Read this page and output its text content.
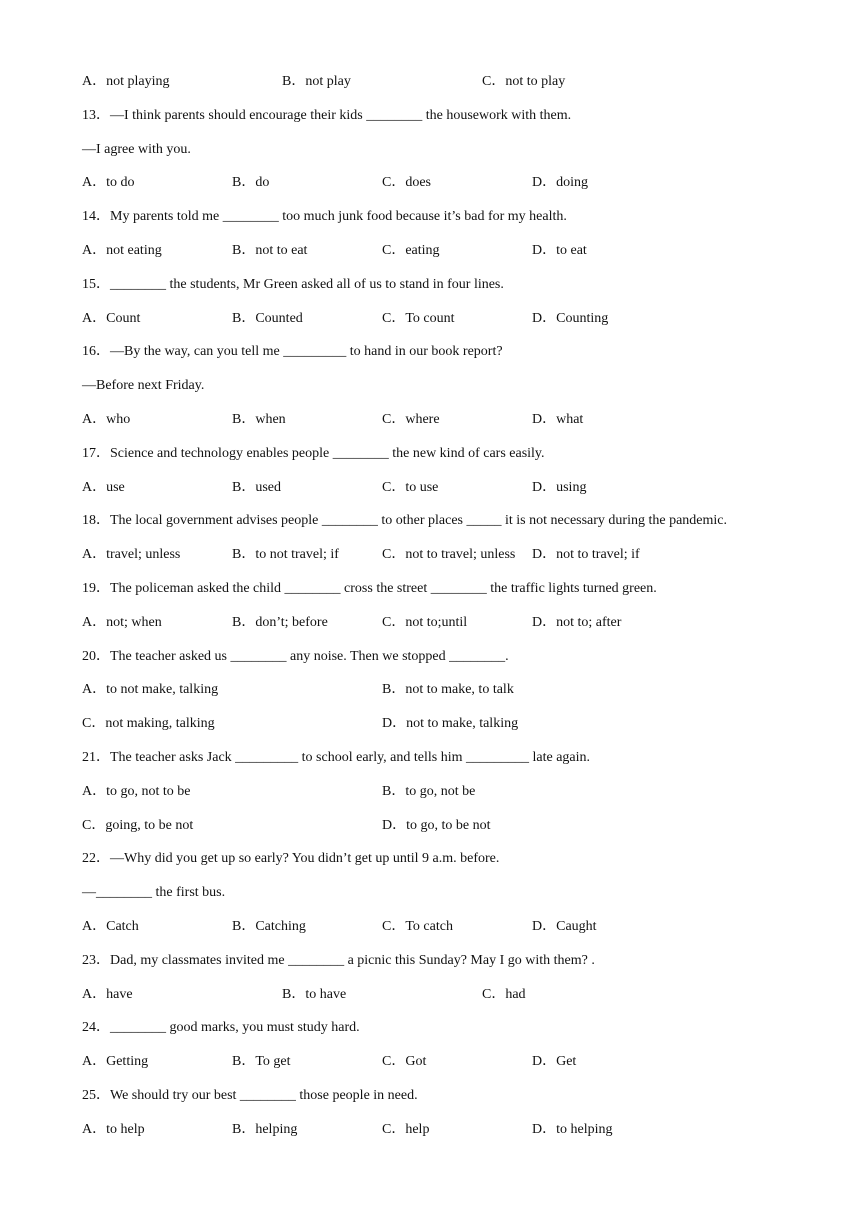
A．not playing	B．not play	C．not to play
13．—I think parents should encourage their kids ________ the housework with them.
—I agree with you.
A．to do	B．do	C．does	D．doing
14．My parents told me ________ too much junk food because it’s bad for my health.
A．not eating	B．not to eat	C．eating	D．to eat
15．________ the students, Mr Green asked all of us to stand in four lines.
A．Count	B．Counted	C．To count	D．Counting
16．—By the way, can you tell me _________ to hand in our book report?
—Before next Friday.
A．who	B．when	C．where	D．what
17．Science and technology enables people ________ the new kind of cars easily.
A．use	B．used	C．to use	D．using
18．The local government advises people ________ to other places _____ it is not necessary during the pandemic.
A．travel; unless	B．to not travel; if	C．not to travel; unless	D．not to travel; if
19．The policeman asked the child ________ cross the street ________ the traffic lights turned green.
A．not; when	B．don’t; before	C．not to;until	D．not to; after
20．The teacher asked us ________ any noise. Then we stopped ________.
A．to not make, talking	B．not to make, to talk
C．not making, talking	D．not to make, talking
21．The teacher asks Jack _________ to school early, and tells him _________ late again.
A．to go, not to be	B．to go, not be
C．going, to be not	D．to go, to be not
22．—Why did you get up so early? You didn’t get up until 9 a.m. before.
—________ the first bus.
A．Catch	B．Catching	C．To catch	D．Caught
23．Dad, my classmates invited me ________ a picnic this Sunday? May I go with them? .
A．have	B．to have	C．had
24．________ good marks, you must study hard.
A．Getting	B．To get	C．Got	D．Get
25．We should try our best ________ those people in need.
A．to help	B．helping	C．help	D．to helping
